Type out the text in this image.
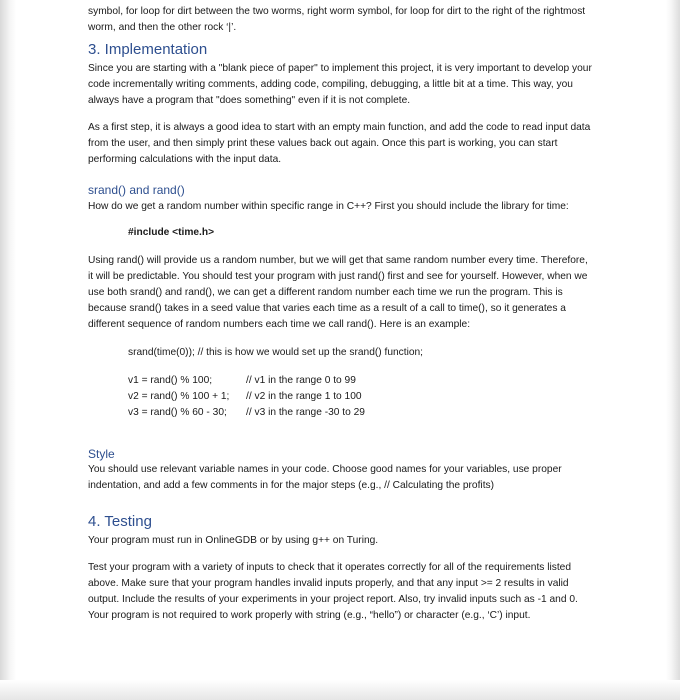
symbol, for loop for dirt between the two worms, right worm symbol, for loop for dirt to the right of the rightmost worm, and then the other rock ‘|’.

3. Implementation

Since you are starting with a "blank piece of paper" to implement this project, it is very important to develop your code incrementally writing comments, adding code, compiling, debugging, a little bit at a time. This way, you always have a program that "does something" even if it is not complete.

As a first step, it is always a good idea to start with an empty main function, and add the code to read input data from the user, and then simply print these values back out again. Once this part is working, you can start performing calculations with the input data.

srand() and rand()

How do we get a random number within specific range in C++? First you should include the library for time:

#include <time.h>

Using rand() will provide us a random number, but we will get that same random number every time. Therefore, it will be predictable. You should test your program with just rand() first and see for yourself. However, when we use both srand() and rand(), we can get a different random number each time we run the program. This is because srand() takes in a seed value that varies each time as a result of a call to time(), so it generates a different sequence of random numbers each time we call rand(). Here is an example:

srand(time(0)); // this is how we would set up the srand() function;

v1 = rand() % 100;	// v1 in the range 0 to 99
v2 = rand() % 100 + 1;	// v2 in the range 1 to 100
v3 = rand() % 60 - 30;	// v3 in the range -30 to 29
Style

You should use relevant variable names in your code. Choose good names for your variables, use proper indentation, and add a few comments in for the major steps (e.g., // Calculating the profits)

4. Testing

Your program must run in OnlineGDB or by using g++ on Turing.

Test your program with a variety of inputs to check that it operates correctly for all of the requirements listed above. Make sure that your program handles invalid inputs properly, and that any input >= 2 results in valid output. Include the results of your experiments in your project report. Also, try invalid inputs such as -1 and 0. Your program is not required to work properly with string (e.g., “hello”) or character (e.g., ‘C’) input.
